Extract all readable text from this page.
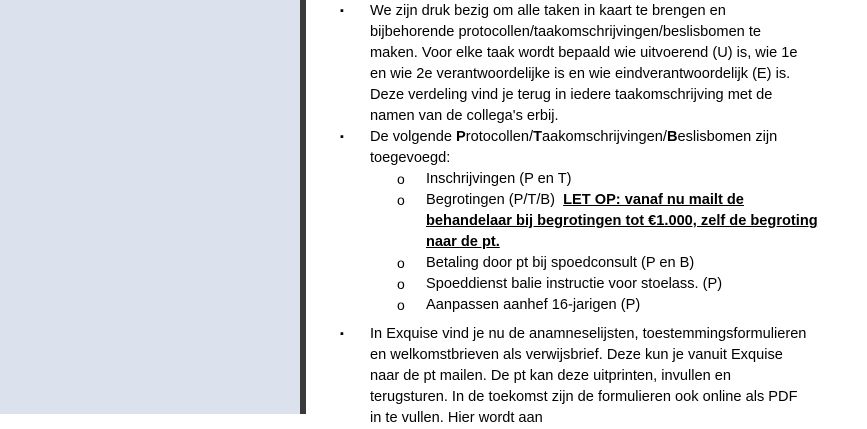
▪ We zijn druk bezig om alle taken in kaart te brengen en bijbehorende protocollen/taakomschrijvingen/beslisbomen te maken. Voor elke taak wordt bepaald wie uitvoerend (U) is, wie 1e en wie 2e verantwoordelijke is en wie eindverantwoordelijk (E) is. Deze verdeling vind je terug in iedere taakomschrijving met de namen van de collega's erbij.
▪ De volgende Protocollen/Taakomschrijvingen/Beslisbomen zijn toegevoegd:
o Inschrijvingen (P en T)
o Begrotingen (P/T/B)  LET OP: vanaf nu mailt de behandelaar bij begrotingen tot €1.000, zelf de begroting naar de pt.
o Betaling door pt bij spoedconsult (P en B)
o Spoeddienst balie instructie voor stoelass. (P)
o Aanpassen aanhef 16-jarigen (P)
▪ In Exquise vind je nu de anamneselijsten, toestemmingsformulieren en welkomstbrieven als verwijsbrief. Deze kun je vanuit Exquise naar de pt mailen. De pt kan deze uitprinten, invullen en terugsturen. In de toekomst zijn de formulieren ook online als PDF in te vullen. Hier wordt aan
